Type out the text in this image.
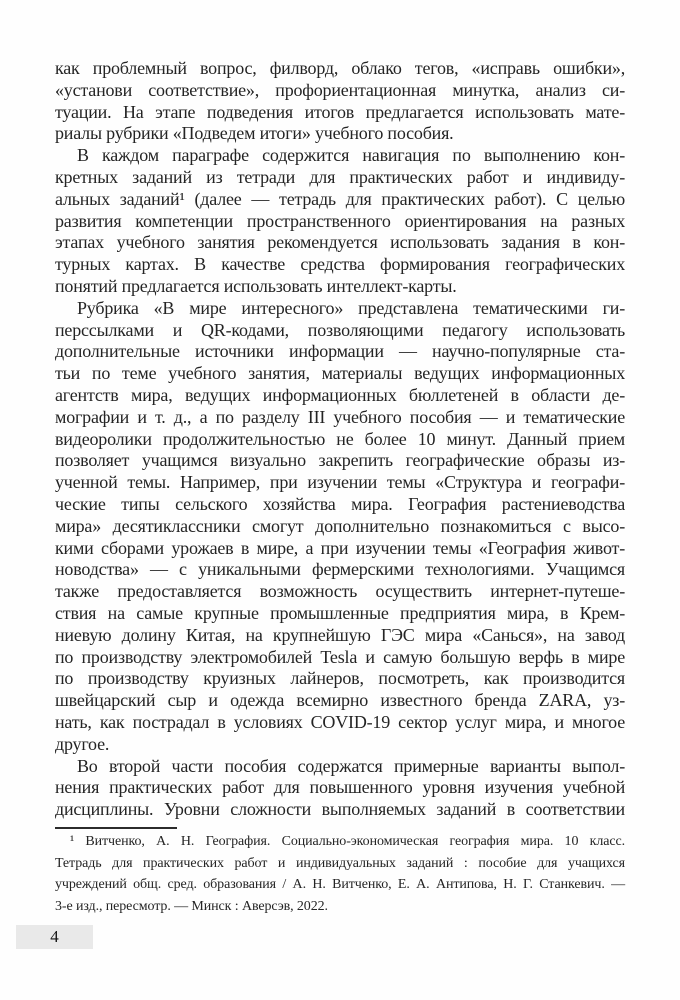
как проблемный вопрос, филворд, облако тегов, «исправь ошибки»,
«установи соответствие», профориентационная минутка, анализ си-
туации. На этапе подведения итогов предлагается использовать мате-
риалы рубрики «Подведем итоги» учебного пособия.
В каждом параграфе содержится навигация по выполнению кон-
кретных заданий из тетради для практических работ и индивиду-
альных заданий¹ (далее — тетрадь для практических работ). С целью
развития компетенции пространственного ориентирования на разных
этапах учебного занятия рекомендуется использовать задания в кон-
турных картах. В качестве средства формирования географических
понятий предлагается использовать интеллект-карты.
Рубрика «В мире интересного» представлена тематическими ги-
перссылками и QR-кодами, позволяющими педагогу использовать
дополнительные источники информации — научно-популярные ста-
тьи по теме учебного занятия, материалы ведущих информационных
агентств мира, ведущих информационных бюллетеней в области де-
мографии и т. д., а по разделу III учебного пособия — и тематические
видеоролики продолжительностью не более 10 минут. Данный прием
позволяет учащимся визуально закрепить географические образы из-
ученной темы. Например, при изучении темы «Структура и географи-
ческие типы сельского хозяйства мира. География растениеводства
мира» десятиклассники смогут дополнительно познакомиться с высо-
кими сборами урожаев в мире, а при изучении темы «География живот-
новодства» — с уникальными фермерскими технологиями. Учащимся
также предоставляется возможность осуществить интернет-путеше-
ствия на самые крупные промышленные предприятия мира, в Крем-
ниевую долину Китая, на крупнейшую ГЭС мира «Санься», на завод
по производству электромобилей Tesla и самую большую верфь в мире
по производству круизных лайнеров, посмотреть, как производится
швейцарский сыр и одежда всемирно известного бренда ZARA, уз-
нать, как пострадал в условиях COVID-19 сектор услуг мира, и многое
другое.
Во второй части пособия содержатся примерные варианты выпол-
нения практических работ для повышенного уровня изучения учебной
дисциплины. Уровни сложности выполняемых заданий в соответствии
¹ Витченко, А. Н. География. Социально-экономическая география мира. 10 класс.
Тетрадь для практических работ и индивидуальных заданий : пособие для учащихся
учреждений общ. сред. образования / А. Н. Витченко, Е. А. Антипова, Н. Г. Станкевич. —
3-е изд., пересмотр. — Минск : Аверсэв, 2022.
4
